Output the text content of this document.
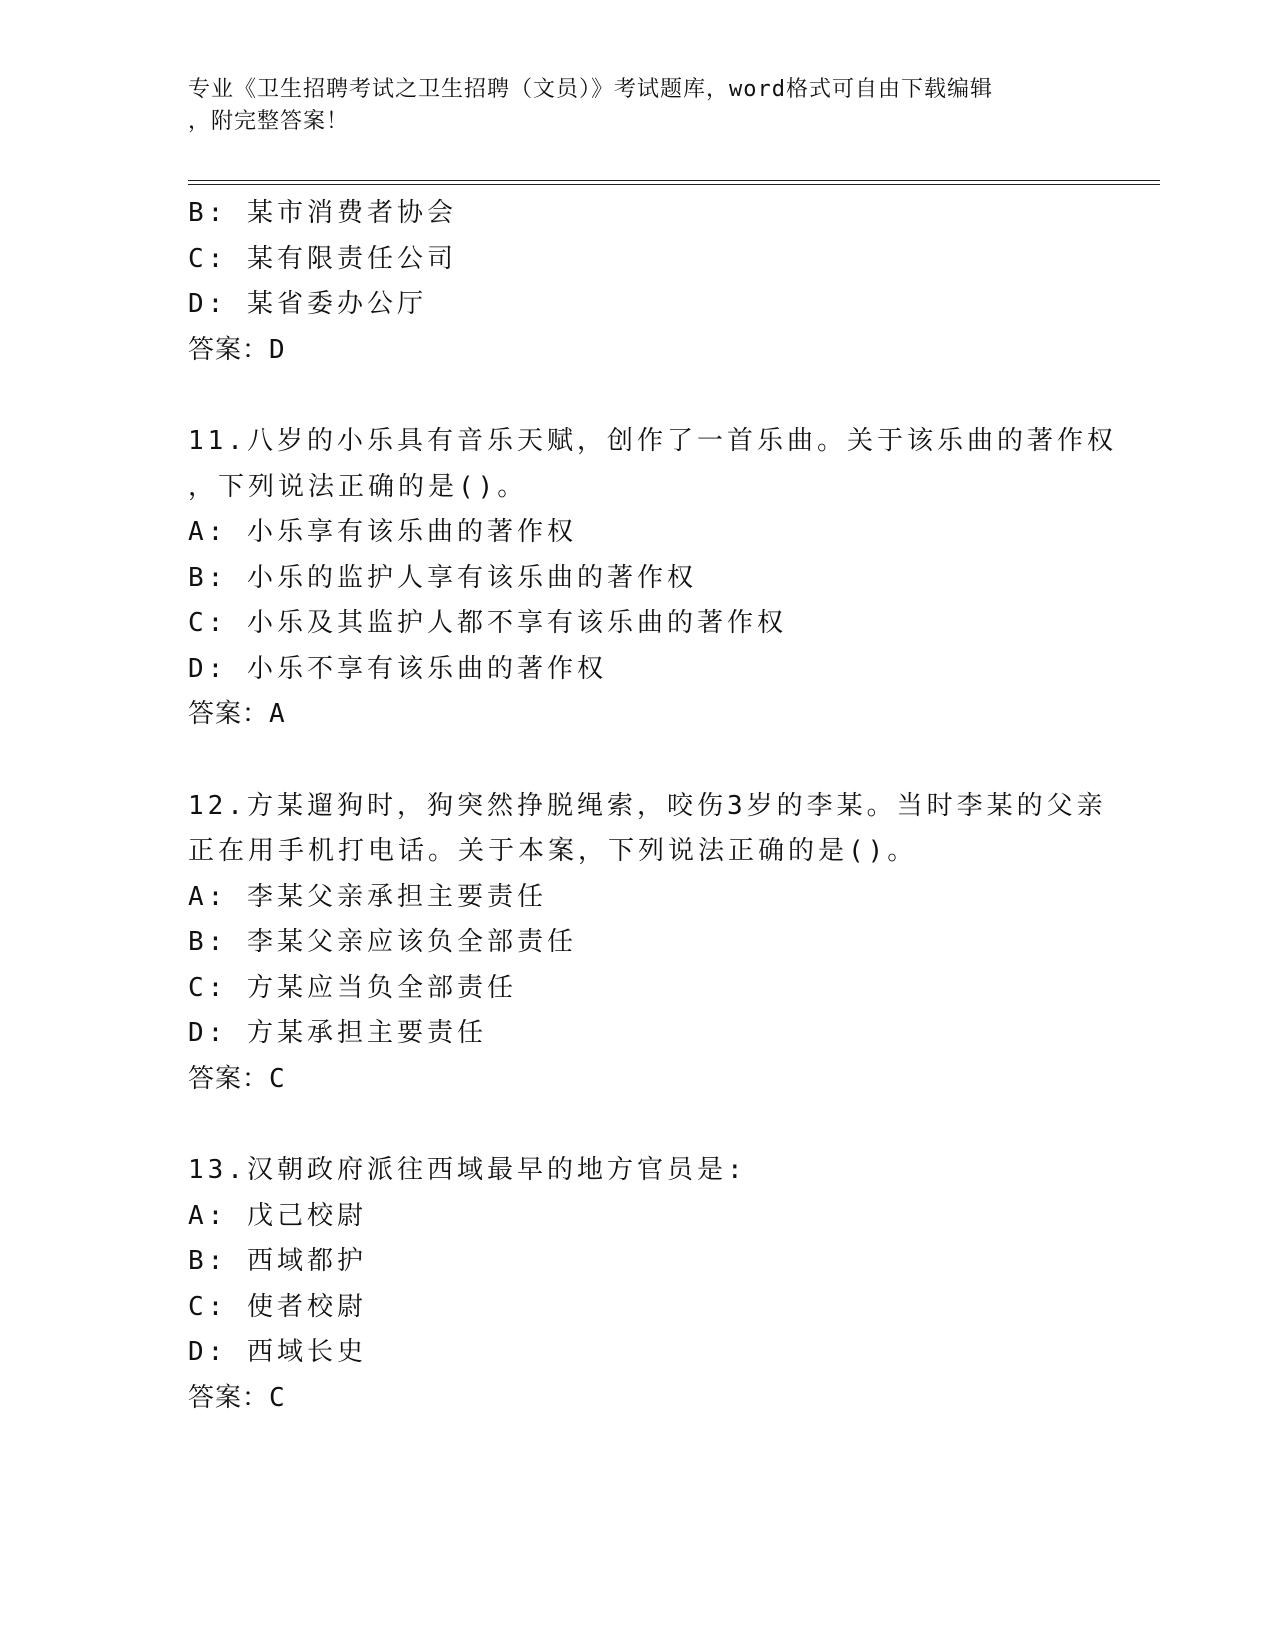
专业《卫生招聘考试之卫生招聘（文员）》考试题库，word格式可自由下载编辑
，附完整答案！
B: 某市消费者协会
C: 某有限责任公司
D: 某省委办公厅
答案：D
11.八岁的小乐具有音乐天赋，创作了一首乐曲。关于该乐曲的著作权
，下列说法正确的是()。
A: 小乐享有该乐曲的著作权
B: 小乐的监护人享有该乐曲的著作权
C: 小乐及其监护人都不享有该乐曲的著作权
D: 小乐不享有该乐曲的著作权
答案：A
12.方某遛狗时，狗突然挣脱绳索，咬伤3岁的李某。当时李某的父亲
正在用手机打电话。关于本案，下列说法正确的是()。
A: 李某父亲承担主要责任
B: 李某父亲应该负全部责任
C: 方某应当负全部责任
D: 方某承担主要责任
答案：C
13.汉朝政府派往西域最早的地方官员是:
A: 戊己校尉
B: 西域都护
C: 使者校尉
D: 西域长史
答案：C
